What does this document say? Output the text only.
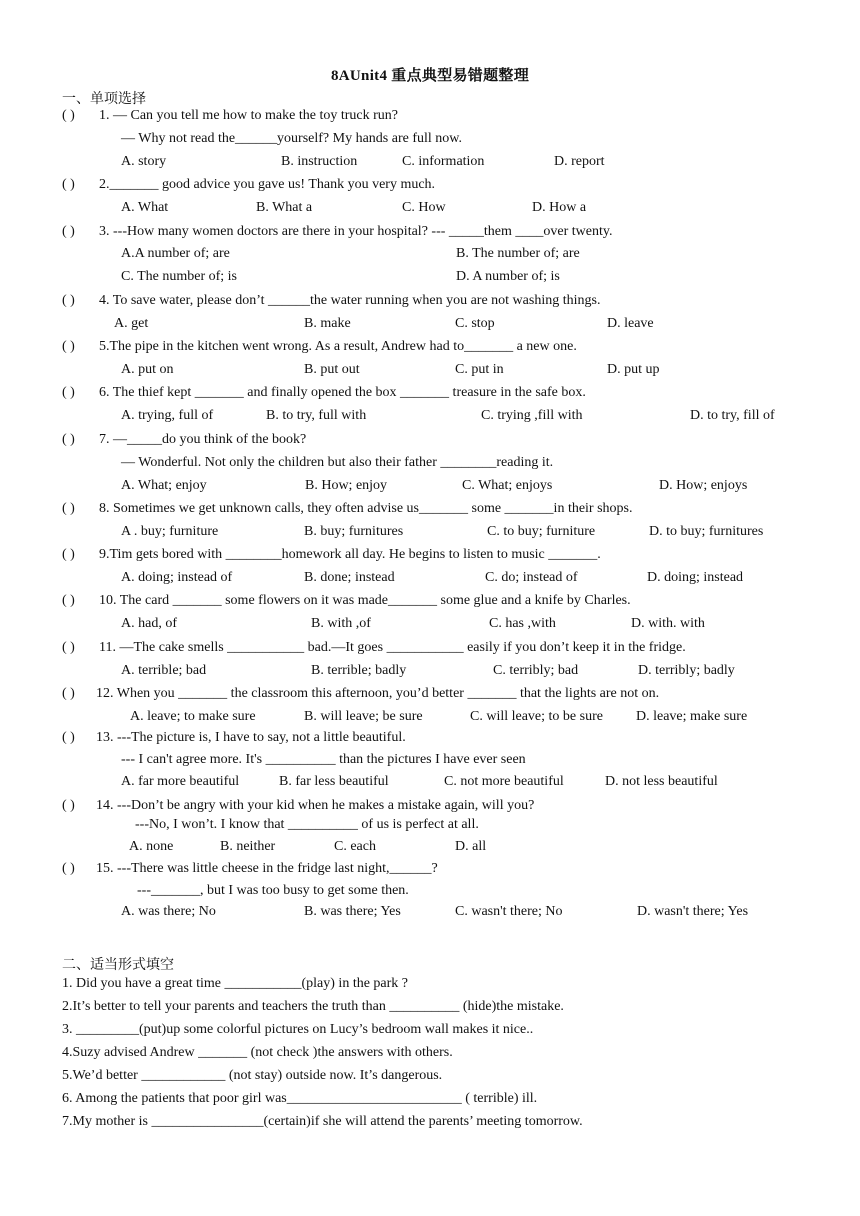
8AUnit4 重点典型易错题整理
一、单项选择
( ) 1. — Can you tell me how to make the toy truck run?
— Why not read the______yourself? My hands are full now.
A. story	B. instruction	C. information	D. report
( ) 2._______ good advice you gave us! Thank you very much.
A. What	B. What a	C. How	D. How a
( ) 3. ---How many women doctors are there in your hospital? --- _____them ____over twenty.
A.A number of; are	B. The number of; are
C. The number of; is	D. A number of; is
( ) 4. To save water, please don’t ______the water running when you are not washing things.
A. get	B. make	C. stop	D. leave
( ) 5.The pipe in the kitchen went wrong. As a result, Andrew had to_______ a new one.
A. put on	B. put out	C. put in	D. put up
( ) 6. The thief kept _______ and finally opened the box _______ treasure in the safe box.
A. trying, full of	B. to try, full with	C. trying ,fill with	D. to try, fill of
( ) 7. —_____do you think of the book?
— Wonderful. Not only the children but also their father ________reading it.
A. What; enjoy	B. How; enjoy	C. What; enjoys	D. How; enjoys
( ) 8. Sometimes we get unknown calls, they often advise us_______ some _______in their shops.
A . buy; furniture	B. buy; furnitures	C. to buy; furniture	D. to buy; furnitures
( ) 9.Tim gets bored with ________homework all day. He begins to listen to music _______.
A. doing; instead of	B. done; instead	C. do; instead of	D. doing; instead
( ) 10. The card _______ some flowers on it was made_______ some glue and a knife by Charles.
A. had, of	B. with ,of	C. has ,with	D. with. with
( ) 11. —The cake smells ___________ bad.—It goes ___________ easily if you don’t keep it in the fridge.
A. terrible; bad	B. terrible; badly	C. terribly; bad	D. terribly; badly
( ) 12. When you _______ the classroom this afternoon, you’d better _______ that the lights are not on.
A. leave; to make sure	B. will leave; be sure	C. will leave; to be sure D. leave; make sure
( ) 13. ---The picture is, I have to say, not a little beautiful.
--- I can't agree more. It's __________ than the pictures I have ever seen
A. far more beautiful	B. far less beautiful	C. not more beautiful	D. not less beautiful
( ) 14. ---Don’t be angry with your kid when he makes a mistake again, will you?
---No, I won’t. I know that __________ of us is perfect at all.
A. none	B. neither	C. each	D. all
( ) 15. ---There was little cheese in the fridge last night,______?
---_______, but I was too busy to get some then.
A. was there; No	B. was there; Yes	C. wasn't there; No	D. wasn't there; Yes
二、适当形式填空
1. Did you have a great time ___________(play) in the park ?
2.It’s better to tell your parents and teachers the truth than __________ (hide)the mistake.
3. _________(put)up some colorful pictures on Lucy’s bedroom wall makes it nice..
4.Suzy advised Andrew _______ (not check )the answers with others.
5.We’d better ____________ (not stay) outside now. It’s dangerous.
6. Among the patients that poor girl was_________________________ ( terrible) ill.
7.My mother is ________________(certain)if she will attend the parents’ meeting tomorrow.
